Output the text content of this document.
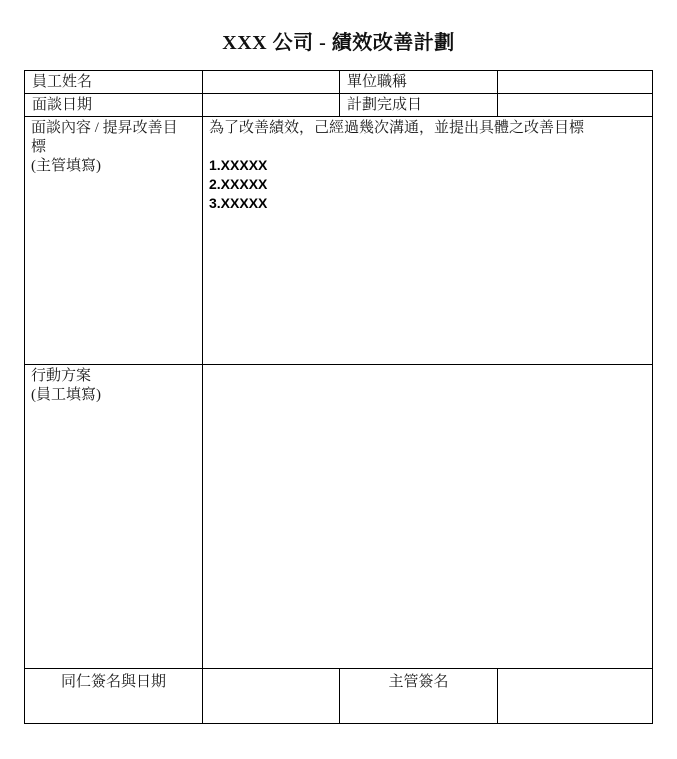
XXX 公司 - 績效改善計劃
員工姓名		單位職稱	
面談日期		計劃完成日	

面談內容 / 提昇改善目標
(主管填寫)

為了改善績效，己經過幾次溝通，並提出具體之改善目標
1.XXXXX
2.XXXXX
3.XXXXX

行動方案
(員工填寫)			

同仁簽名與日期		主管簽名	
